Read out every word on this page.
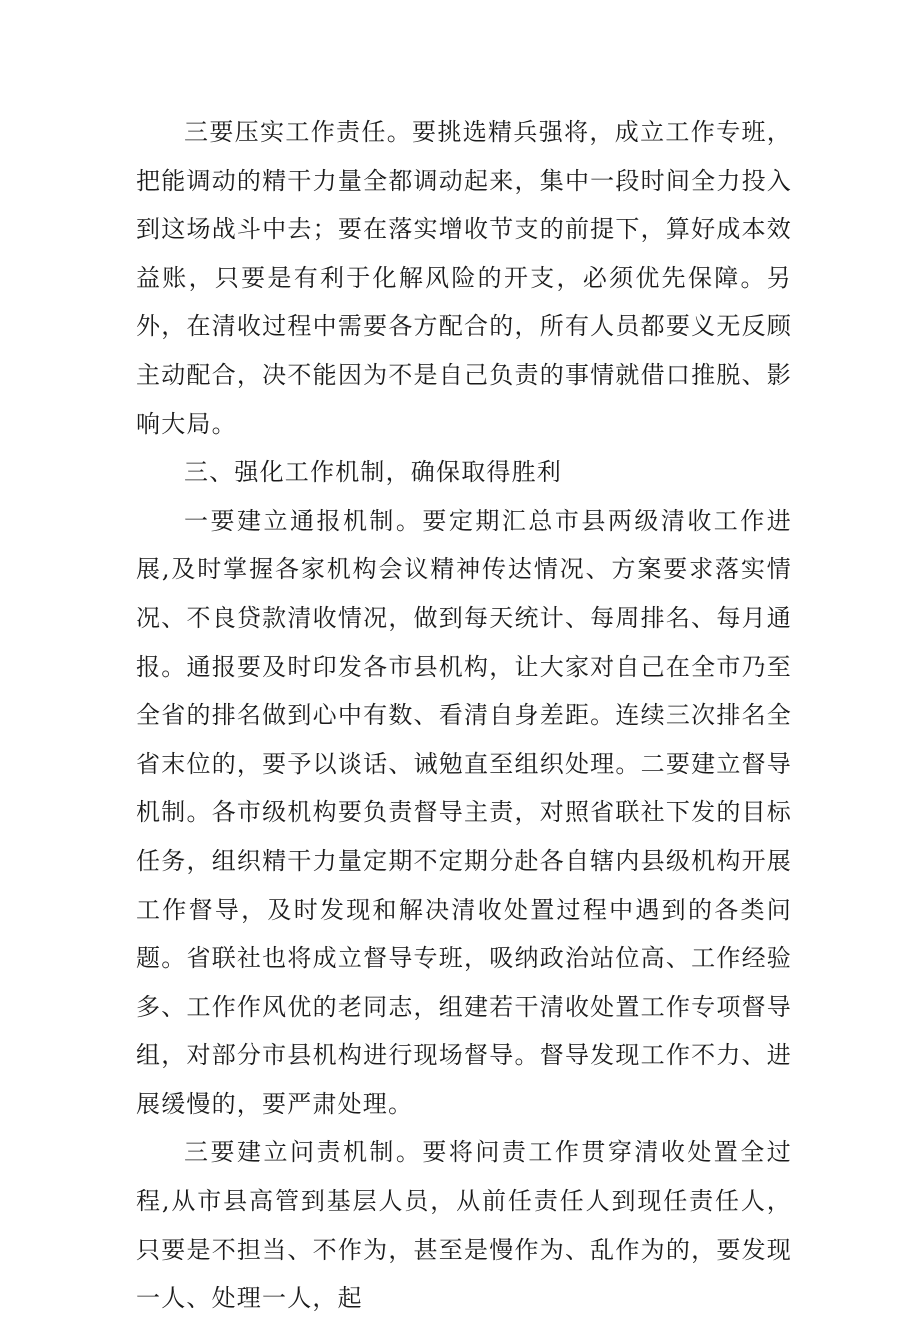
三要压实工作责任。要挑选精兵强将，成立工作专班，把能调动的精干力量全都调动起来，集中一段时间全力投入到这场战斗中去；要在落实增收节支的前提下，算好成本效益账，只要是有利于化解风险的开支，必须优先保障。另外，在清收过程中需要各方配合的，所有人员都要义无反顾主动配合，决不能因为不是自己负责的事情就借口推脱、影响大局。

三、强化工作机制，确保取得胜利

一要建立通报机制。要定期汇总市县两级清收工作进展,及时掌握各家机构会议精神传达情况、方案要求落实情况、不良贷款清收情况，做到每天统计、每周排名、每月通报。通报要及时印发各市县机构，让大家对自己在全市乃至全省的排名做到心中有数、看清自身差距。连续三次排名全省末位的，要予以谈话、诫勉直至组织处理。二要建立督导机制。各市级机构要负责督导主责，对照省联社下发的目标任务，组织精干力量定期不定期分赴各自辖内县级机构开展工作督导，及时发现和解决清收处置过程中遇到的各类问题。省联社也将成立督导专班，吸纳政治站位高、工作经验多、工作作风优的老同志，组建若干清收处置工作专项督导组，对部分市县机构进行现场督导。督导发现工作不力、进展缓慢的，要严肃处理。

三要建立问责机制。要将问责工作贯穿清收处置全过程,从市县高管到基层人员，从前任责任人到现任责任人，只要是不担当、不作为，甚至是慢作为、乱作为的，要发现一人、处理一人，起
